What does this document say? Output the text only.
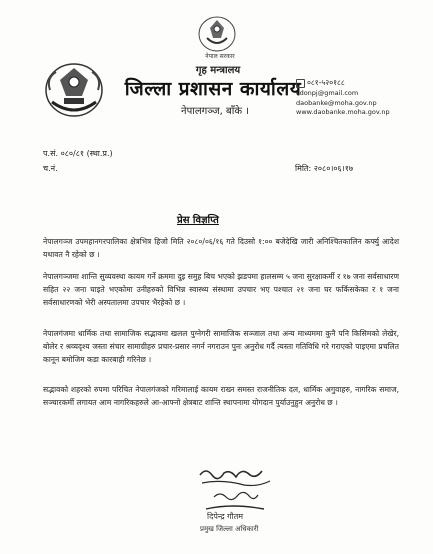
नेपाल सरकार
गृह मन्त्रालय
जिल्ला प्रशासन कार्यालय
नेपालगञ्ज, बाँके ।
०८१-५२०१८८
cdonpj@gmail.com
daobanke@moha.gov.np
www.daobanke.moha.gov.np
प.सं. ०८०/८१ (स्था.प्र.)
च.नं.	मिति: २०८०।०६।१७
प्रेस विज्ञप्ति
नेपालगञ्ज उपमहानगरपालिका क्षेत्रभित्र हिजो मिति २०८०/०६/१६ गते दिउसो १:०० बजेदेखि जारी अनिश्चितकालिन कर्फ्यु आदेश यथावत नै रहेको छ ।
नेपालगञ्जमा शान्ति सुव्यवस्था कायम गर्ने क्रममा दुइ समुह बिच भएको झडपमा हालसम्म ५ जना सुरक्षाकर्मी र १७ जना सर्वसाधारण सहित २२ जना घाइते भएकोमा उनीहरुको विभिन्न स्वास्थ्य संस्थामा उपचार भए पश्चात २१ जना घर फर्किसकेका र १ जना सर्वसाधारणको भेरी अस्पतालमा उपचार भैरहेको छ ।
नेपालगंजमा धार्मिक तथा सामाजिक सद्भावमा खलल पुग्नेगरी सामाजिक सञ्जाल तथा अन्य माध्यममा कुनै पनि किसिमको लेखेर, बोलेर र श्रव्यदृश्य जस्ता संचार सामाग्रीहरु प्रचार-प्रसार नगर्न नगराउन पुनः अनुरोध गर्दै त्यस्ता गतिविधि गरे गराएको पाइएमा प्रचलित कानून बमोजिम कडा कारबाही गरिनेछ ।
सद्भावको शहरको रुपमा परिचित नेपालगंजको गरिमालाई कायम राख्न समस्त राजनीतिक दल, धार्मिक अगुवाहरु, नागरिक समाज, सञ्चारकर्मी लगायत आम नागरिकहरुले आ-आफ्नो क्षेत्रबाट शान्ति स्थापनामा योगदान पुर्याउनुहुन अनुरोध छ ।
दिपेन्द्र गौतम
प्रमुख जिल्ला अधिकारी
